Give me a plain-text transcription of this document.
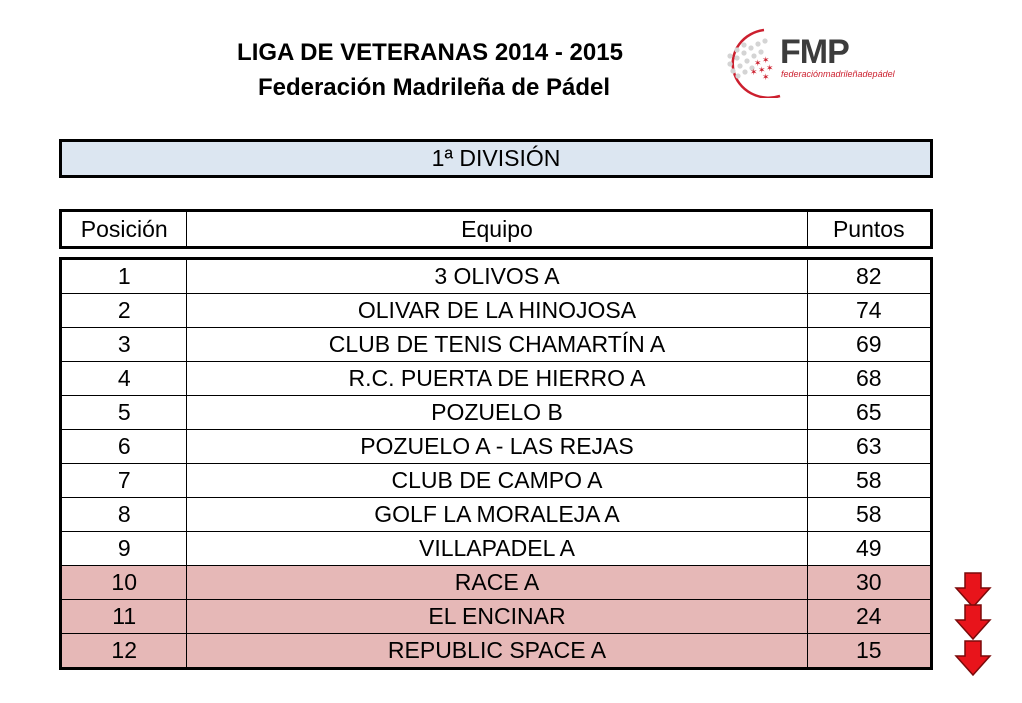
LIGA DE VETERANAS 2014 - 2015
Federación Madrileña de Pádel
✶ ✶
✶ ✶
✶ ✶
FMP
federaciónmadrileñadepádel
1ª DIVISIÓN
Posición	Equipo	Puntos
1	3 OLIVOS A	82
2	OLIVAR DE LA HINOJOSA	74
3	CLUB DE TENIS CHAMARTÍN A	69
4	R.C. PUERTA DE HIERRO A	68
5	POZUELO B	65
6	POZUELO A - LAS REJAS	63
7	CLUB DE CAMPO A	58
8	GOLF LA MORALEJA A	58
9	VILLAPADEL A	49
10	RACE A	30
11	EL ENCINAR	24
12	REPUBLIC SPACE A	15
